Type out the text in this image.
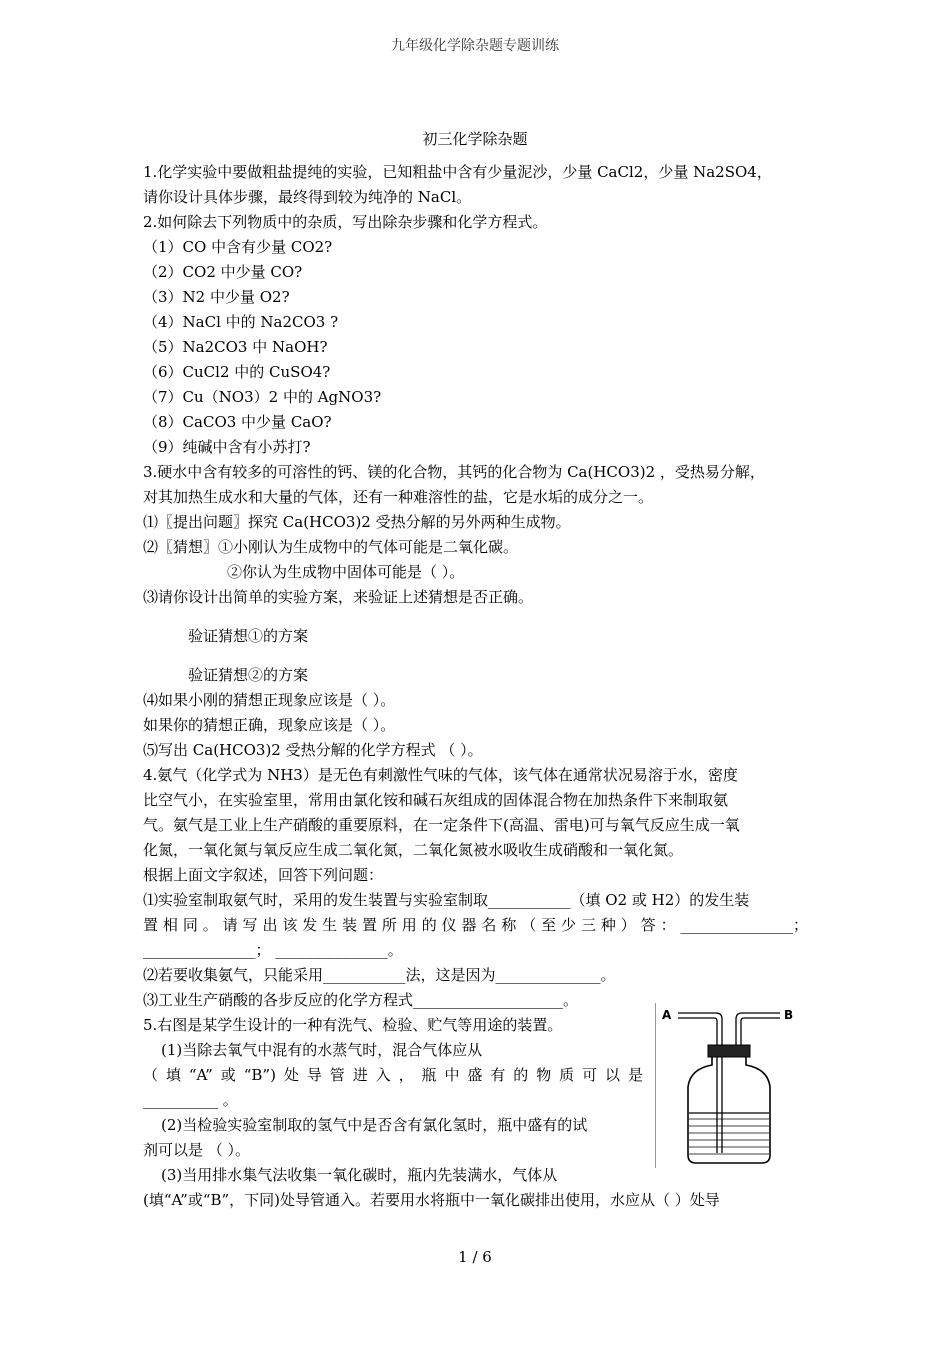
九年级化学除杂题专题训练
初三化学除杂题

1.化学实验中要做粗盐提纯的实验，已知粗盐中含有少量泥沙，少量 CaCl2，少量 Na2SO4，

请你设计具体步骤，最终得到较为纯净的 NaCl。

2.如何除去下列物质中的杂质，写出除杂步骤和化学方程式。

（1）CO 中含有少量 CO2?

（2）CO2 中少量 CO?

（3）N2 中少量 O2?

（4）NaCl 中的 Na2CO3 ?

（5）Na2CO3 中 NaOH?

（6）CuCl2 中的 CuSO4?

（7）Cu（NO3）2 中的 AgNO3?

（8）CaCO3 中少量 CaO?

（9）纯碱中含有小苏打?

3.硬水中含有较多的可溶性的钙、镁的化合物，其钙的化合物为 Ca(HCO3)2 ，受热易分解，

对其加热生成水和大量的气体，还有一种难溶性的盐，它是水垢的成分之一。

⑴〖提出问题〗探究 Ca(HCO3)2 受热分解的另外两种生成物。

⑵〖猜想〗①小刚认为生成物中的气体可能是二氧化碳。

②你认为生成物中固体可能是（ ）。

⑶请你设计出简单的实验方案，来验证上述猜想是否正确。

验证猜想①的方案

验证猜想②的方案

⑷如果小刚的猜想正现象应该是（ ）。

如果你的猜想正确，现象应该是（ ）。

⑸写出 Ca(HCO3)2 受热分解的化学方程式 （ ）。

4.氨气（化学式为 NH3）是无色有刺激性气味的气体，该气体在通常状况易溶于水，密度

比空气小，在实验室里，常用由氯化铵和碱石灰组成的固体混合物在加热条件下来制取氨

气。氨气是工业上生产硝酸的重要原料，在一定条件下(高温、雷电)可与氧气反应生成一氧

化氮，一氧化氮与氧反应生成二氧化氮，二氧化氮被水吸收生成硝酸和一氧化氮。

根据上面文字叙述，回答下列问题：

⑴实验室制取氨气时，采用的发生装置与实验室制取___________（填 O2 或 H2）的发生装

置相同。请写出该发生装置所用的仪器名称（至少三种）答：_______________；

_______________； _______________。

⑵若要收集氨气，只能采用___________法，这是因为______________。

⑶工业生产硝酸的各步反应的化学方程式____________________。

5.右图是某学生设计的一种有洗气、检验、贮气等用途的装置。

(1)当除去氧气中混有的水蒸气时，混合气体应从

（填“A”或“B”)处导管进入，瓶中盛有的物质可以是

__________ 。

(2)当检验实验室制取的氢气中是否含有氯化氢时，瓶中盛有的试

剂可以是 （ ）。

(3)当用排水集气法收集一氧化碳时，瓶内先装满水，气体从

(填“A”或“B”，下同)处导管通入。若要用水将瓶中一氧化碳排出使用，水应从（ ）处导

A	B
1 / 6
